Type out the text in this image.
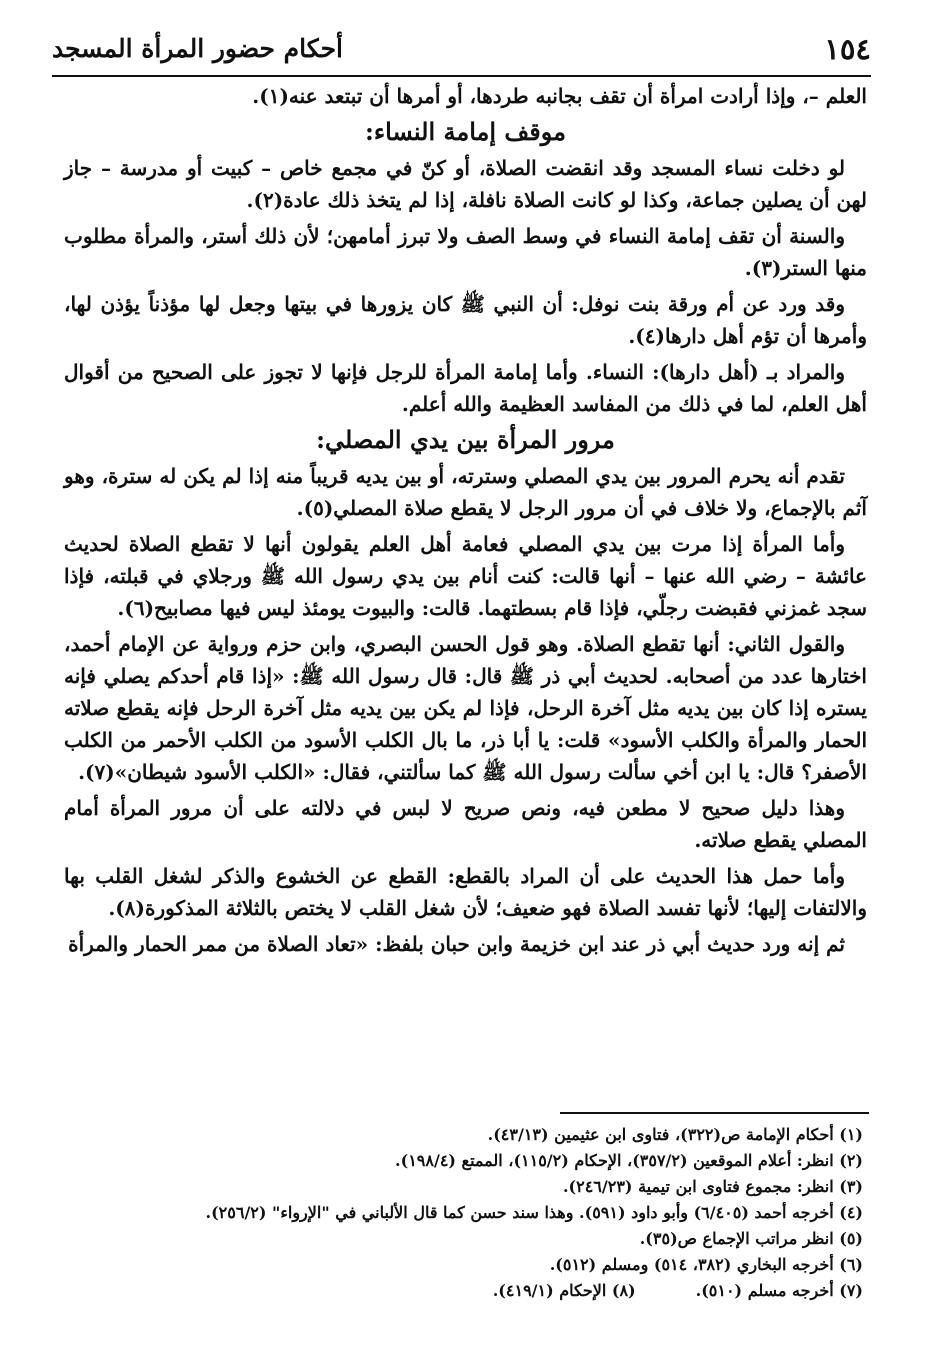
١٥٤
أحكام حضور المرأة المسجد

العلم –، وإذا أرادت امرأة أن تقف بجانبه طردها، أو أمرها أن تبتعد عنه(١).

موقف إمامة النساء:

لو دخلت نساء المسجد وقد انقضت الصلاة، أو كنّ في مجمع خاص – كبيت أو مدرسة – جاز لهن أن يصلين جماعة، وكذا لو كانت الصلاة نافلة، إذا لم يتخذ ذلك عادة(٢).

والسنة أن تقف إمامة النساء في وسط الصف ولا تبرز أمامهن؛ لأن ذلك أستر، والمرأة مطلوب منها الستر(٣).

وقد ورد عن أم ورقة بنت نوفل: أن النبي ﷺ كان يزورها في بيتها وجعل لها مؤذناً يؤذن لها، وأمرها أن تؤم أهل دارها(٤).

والمراد بـ (أهل دارها): النساء. وأما إمامة المرأة للرجل فإنها لا تجوز على الصحيح من أقوال أهل العلم، لما في ذلك من المفاسد العظيمة والله أعلم.

مرور المرأة بين يدي المصلي:

تقدم أنه يحرم المرور بين يدي المصلي وسترته، أو بين يديه قريباً منه إذا لم يكن له سترة، وهو آثم بالإجماع، ولا خلاف في أن مرور الرجل لا يقطع صلاة المصلي(٥).

وأما المرأة إذا مرت بين يدي المصلي فعامة أهل العلم يقولون أنها لا تقطع الصلاة لحديث عائشة – رضي الله عنها – أنها قالت: كنت أنام بين يدي رسول الله ﷺ ورجلاي في قبلته، فإذا سجد غمزني فقبضت رجلّي، فإذا قام بسطتهما. قالت: والبيوت يومئذ ليس فيها مصابيح(٦).

والقول الثاني: أنها تقطع الصلاة. وهو قول الحسن البصري، وابن حزم ورواية عن الإمام أحمد، اختارها عدد من أصحابه. لحديث أبي ذر ﷺ قال: قال رسول الله ﷺ: «إذا قام أحدكم يصلي فإنه يستره إذا كان بين يديه مثل آخرة الرحل، فإذا لم يكن بين يديه مثل آخرة الرحل فإنه يقطع صلاته الحمار والمرأة والكلب الأسود» قلت: يا أبا ذر، ما بال الكلب الأسود من الكلب الأحمر من الكلب الأصفر؟ قال: يا ابن أخي سألت رسول الله ﷺ كما سألتني، فقال: «الكلب الأسود شيطان»(٧).

وهذا دليل صحيح لا مطعن فيه، ونص صريح لا لبس في دلالته على أن مرور المرأة أمام المصلي يقطع صلاته.

وأما حمل هذا الحديث على أن المراد بالقطع: القطع عن الخشوع والذكر لشغل القلب بها والالتفات إليها؛ لأنها تفسد الصلاة فهو ضعيف؛ لأن شغل القلب لا يختص بالثلاثة المذكورة(٨).

ثم إنه ورد حديث أبي ذر عند ابن خزيمة وابن حبان بلفظ: «تعاد الصلاة من ممر الحمار والمرأة

(١) أحكام الإمامة ص(٣٢٢)، فتاوى ابن عثيمين (٤٣/١٣).

(٢) انظر: أعلام الموقعين (٣٥٧/٢)، الإحكام (١١٥/٢)، الممتع (١٩٨/٤).

(٣) انظر: مجموع فتاوى ابن تيمية (٢٤٦/٢٣).

(٤) أخرجه أحمد (٦/٤٠٥) وأبو داود (٥٩١). وهذا سند حسن كما قال الألباني في "الإرواء" (٢٥٦/٢).

(٥) انظر مراتب الإجماع ص(٣٥).

(٦) أخرجه البخاري (٣٨٢، ٥١٤) ومسلم (٥١٢).

(٧) أخرجه مسلم (٥١٠).

(٨) الإحكام (٤١٩/١).
